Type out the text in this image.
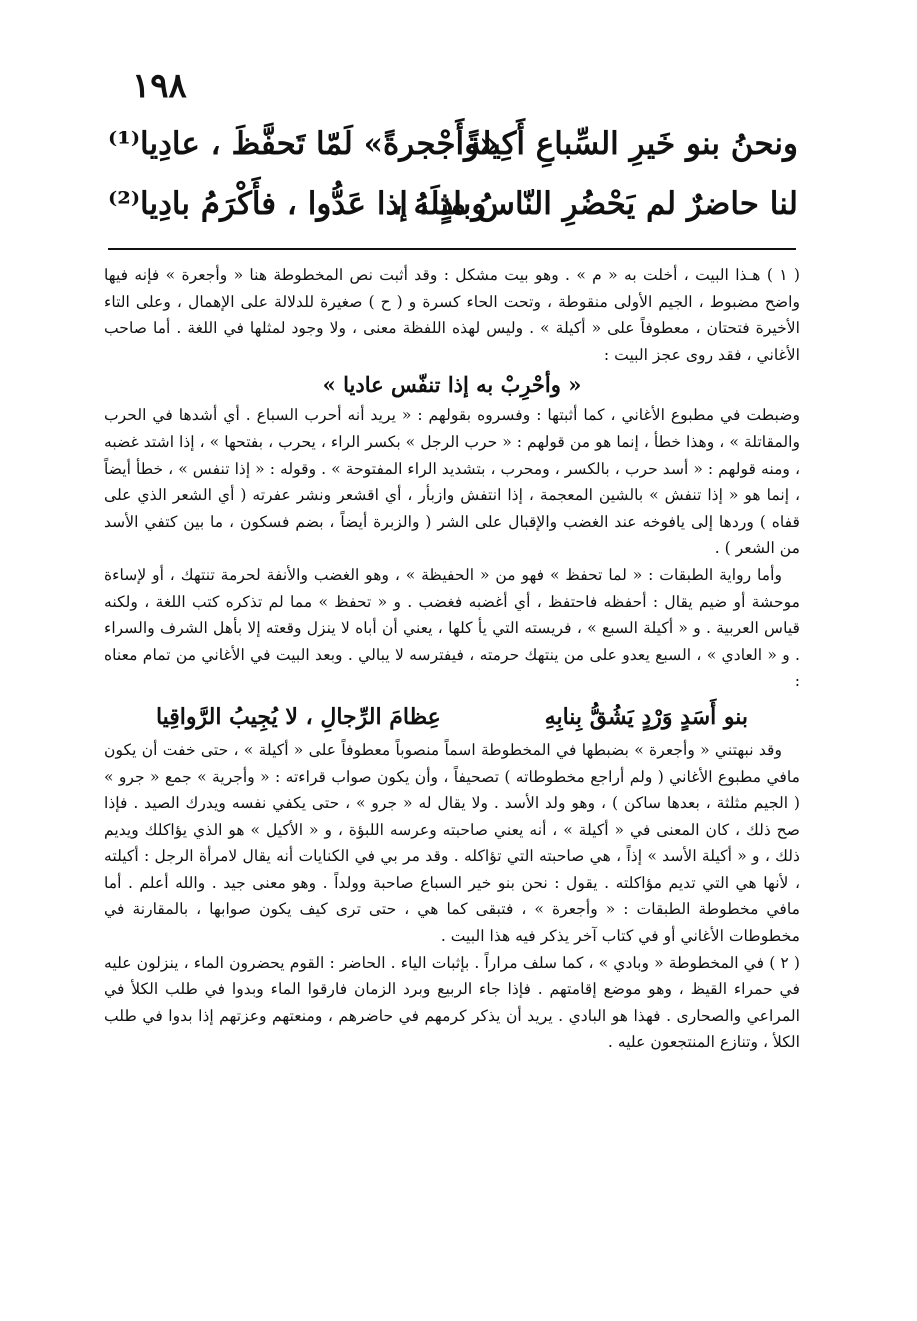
١٩٨
ونحنُ بنو خَيرِ السِّباعِ أَكِيلةً
«وأَجْجرةً» لَمّا تَحفَّظَ ، عادِيا⁽¹⁾
لنا حاضرٌ لم يَحْضُرِ النّاسُ مثلَهُ ،
وبادٍ ، إذا عَدُّوا ، فأَكْرَمُ بادِيا⁽²⁾

( ١ ) هـذا البيت ، أخلت به « م » . وهو بيت مشكل : وقد أثبت نص المخطوطة هنا « وأجعرة » فإنه فيها واضح مضبوط ، الجيم الأولى منقوطة ، وتحت الحاء كسرة و ( ح ) صغيرة للدلالة على الإهمال ، وعلى التاء الأخيرة فتحتان ، معطوفاً على « أكيلة » . وليس لهذه اللفظة معنى ، ولا وجود لمثلها في اللغة . أما صاحب الأغاني ، فقد روى عجز البيت :

« وأحْرِبْ به إذا تنفّس عاديا »

وضبطت في مطبوع الأغاني ، كما أثبتها : وفسروه بقولهم : « يريد أنه أحرب السباع . أي أشدها في الحرب والمقاتلة » ، وهذا خطأ ، إنما هو من قولهم : « حرب الرجل » بكسر الراء ، يحرب ، بفتحها » ، إذا اشتد غضبه ، ومنه قولهم : « أسد حرب ، بالكسر ، ومحرب ، بتشديد الراء المفتوحة » . وقوله : « إذا تنفس » ، خطأ أيضاً ، إنما هو « إذا تنفش » بالشين المعجمة ، إذا انتفش وازبأر ، أي اقشعر ونشر عفرته ( أي الشعر الذي على قفاه ) وردها إلى يافوخه عند الغضب والإقبال على الشر ( والزبرة أيضاً ، بضم فسكون ، ما بين كتفي الأسد من الشعر ) .

وأما رواية الطبقات : « لما تحفظ » فهو من « الحفيظة » ، وهو الغضب والأنفة لحرمة تنتهك ، أو لإساءة موحشة أو ضيم يقال : أحفظه فاحتفظ ، أي أغضبه فغضب . و « تحفظ » مما لم تذكره كتب اللغة ، ولكنه قياس العربية . و « أكيلة السبع » ، فريسته التي يأ كلها ، يعني أن أباه لا ينزل وقعته إلا بأهل الشرف والسراء . و « العادي » ، السبع يعدو على من ينتهك حرمته ، فيفترسه لا يبالي . وبعد البيت في الأغاني من تمام معناه :

بنو أَسَدٍ وَرْدٍ يَشُقُّ بِنابِهِ
عِظامَ الرِّجالِ ، لا يُجِيبُ الرَّواقِيا

وقد نبهتني « وأجعرة » بضبطها في المخطوطة اسماً منصوباً معطوفاً على « أكيلة » ، حتى خفت أن يكون مافي مطبوع الأغاني ( ولم أراجع مخطوطاته ) تصحيفاً ، وأن يكون صواب قراءته : « وأجرية » جمع « جرو » ( الجيم مثلثة ، بعدها ساكن ) ، وهو ولد الأسد . ولا يقال له « جرو » ، حتى يكفي نفسه ويدرك الصيد . فإذا صح ذلك ، كان المعنى في « أكيلة » ، أنه يعني صاحبته وعرسه اللبؤة ، و « الأكيل » هو الذي يؤاكلك ويديم ذلك ، و « أكيلة الأسد » إذاً ، هي صاحبته التي تؤاكله . وقد مر بي في الكنايات أنه يقال لامرأة الرجل : أكيلته ، لأنها هي التي تديم مؤاكلته . يقول : نحن بنو خير السباع صاحبة وولداً . وهو معنى جيد . والله أعلم . أما مافي مخطوطة الطبقات : « وأجعرة » ، فتبقى كما هي ، حتى ترى كيف يكون صوابها ، بالمقارنة في مخطوطات الأغاني أو في كتاب آخر يذكر فيه هذا البيت .

( ٢ ) في المخطوطة « وبادي » ، كما سلف مراراً . بإثبات الياء . الحاضر : القوم يحضرون الماء ، ينزلون عليه في حمراء القيظ ، وهو موضع إقامتهم . فإذا جاء الربيع وبرد الزمان فارقوا الماء وبدوا في طلب الكلأ في المراعي والصحارى . فهذا هو البادي . يريد أن يذكر كرمهم في حاضرهم ، ومنعتهم وعزتهم إذا بدوا في طلب الكلأ ، وتنازع المنتجعون عليه .
